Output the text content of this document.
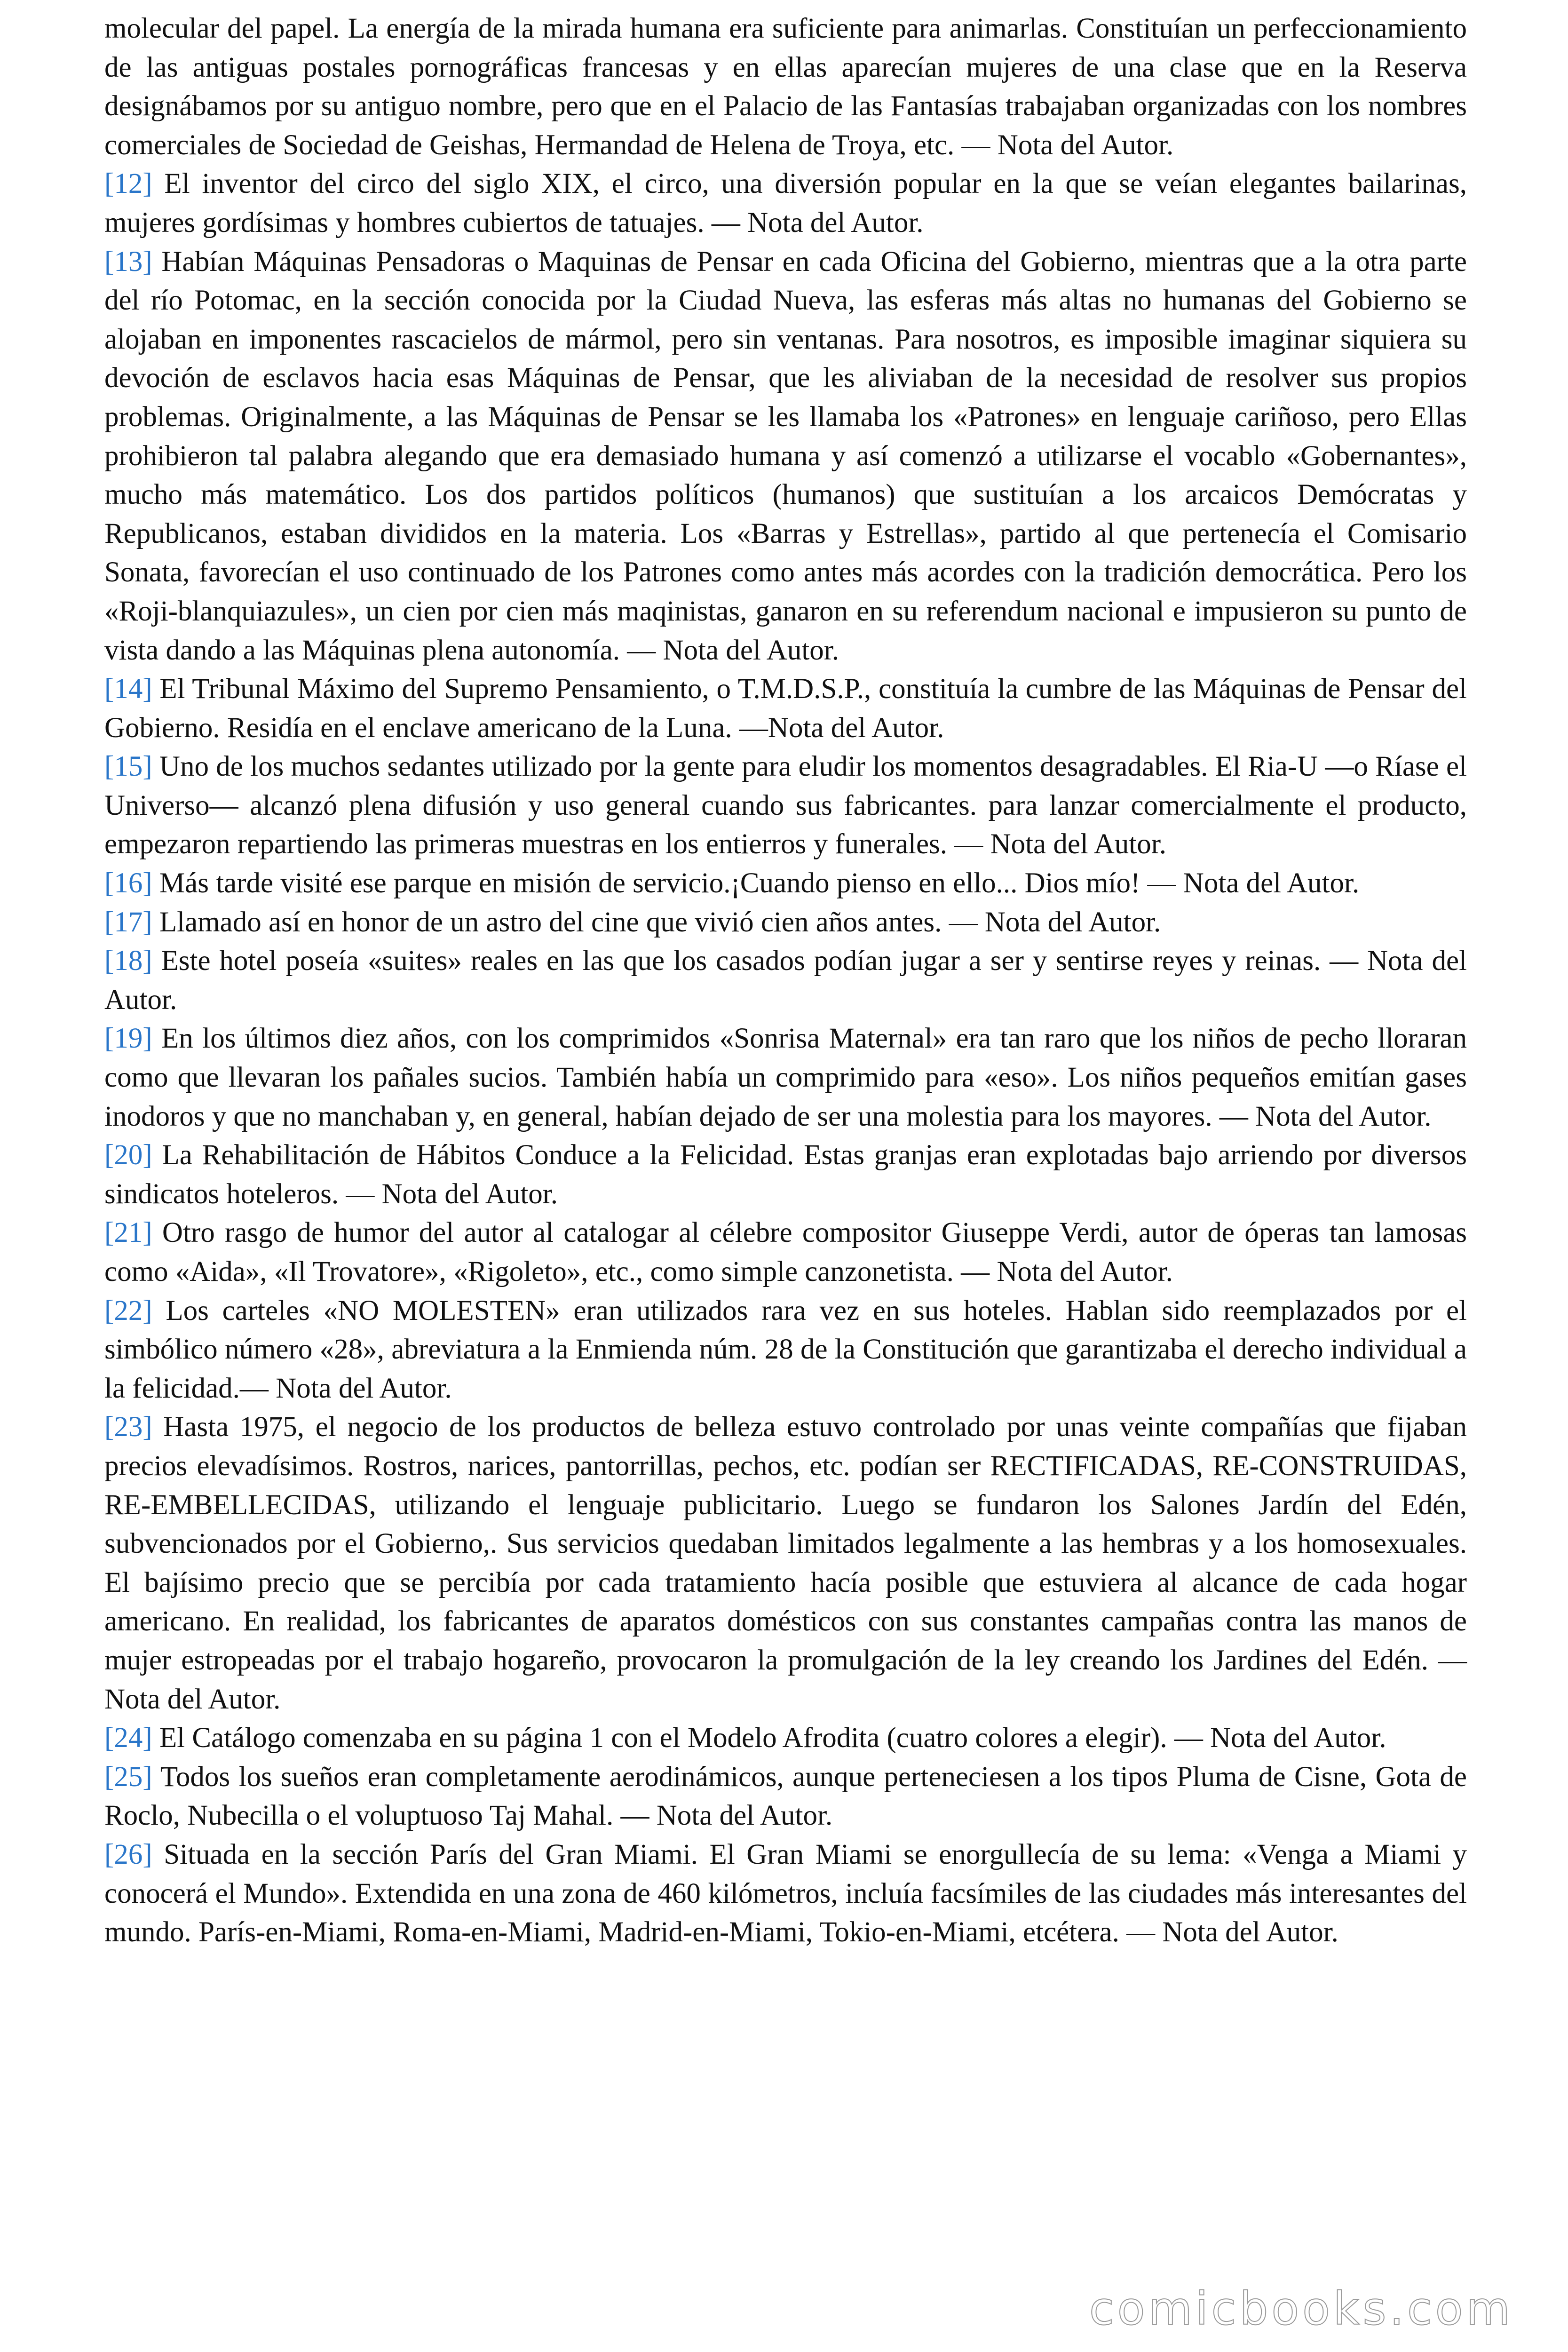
molecular del papel. La energía de la mirada humana era suficiente para animarlas. Constituían un perfeccionamiento de las antiguas postales pornográficas francesas y en ellas aparecían mujeres de una clase que en la Reserva designábamos por su antiguo nombre, pero que en el Palacio de las Fantasías trabajaban organizadas con los nombres comerciales de Sociedad de Geishas, Hermandad de Helena de Troya, etc. — Nota del Autor.

[12] El inventor del circo del siglo XIX, el circo, una diversión popular en la que se veían elegantes bailarinas, mujeres gordísimas y hombres cubiertos de tatuajes. — Nota del Autor.

[13] Habían Máquinas Pensadoras o Maquinas de Pensar en cada Oficina del Gobierno, mientras que a la otra parte del río Potomac, en la sección conocida por la Ciudad Nueva, las esferas más altas no humanas del Gobierno se alojaban en imponentes rascacielos de mármol, pero sin ventanas. Para nosotros, es imposible imaginar siquiera su devoción de esclavos hacia esas Máquinas de Pensar, que les aliviaban de la necesidad de resolver sus propios problemas. Originalmente, a las Máquinas de Pensar se les llamaba los «Patrones» en lenguaje cariñoso, pero Ellas prohibieron tal palabra alegando que era demasiado humana y así comenzó a utilizarse el vocablo «Gobernantes», mucho más matemático. Los dos partidos políticos (humanos) que sustituían a los arcaicos Demócratas y Republicanos, estaban divididos en la materia. Los «Barras y Estrellas», partido al que pertenecía el Comisario Sonata, favorecían el uso continuado de los Patrones como antes más acordes con la tradición democrática. Pero los «Roji-blanquiazules», un cien por cien más maqinistas, ganaron en su referendum nacional e impusieron su punto de vista dando a las Máquinas plena autonomía. — Nota del Autor.

[14] El Tribunal Máximo del Supremo Pensamiento, o T.M.D.S.P., constituía la cumbre de las Máquinas de Pensar del Gobierno. Residía en el enclave americano de la Luna. —Nota del Autor.

[15] Uno de los muchos sedantes utilizado por la gente para eludir los momentos desagradables. El Ria-U —o Ríase el Universo— alcanzó plena difusión y uso general cuando sus fabricantes. para lanzar comercialmente el producto, empezaron repartiendo las primeras muestras en los entierros y funerales. — Nota del Autor.

[16] Más tarde visité ese parque en misión de servicio.¡Cuando pienso en ello... Dios mío! — Nota del Autor.

[17] Llamado así en honor de un astro del cine que vivió cien años antes. — Nota del Autor.

[18] Este hotel poseía «suites» reales en las que los casados podían jugar a ser y sentirse reyes y reinas. — Nota del Autor.

[19] En los últimos diez años, con los comprimidos «Sonrisa Maternal» era tan raro que los niños de pecho lloraran como que llevaran los pañales sucios. También había un comprimido para «eso». Los niños pequeños emitían gases inodoros y que no manchaban y, en general, habían dejado de ser una molestia para los mayores. — Nota del Autor.

[20] La Rehabilitación de Hábitos Conduce a la Felicidad. Estas granjas eran explotadas bajo arriendo por diversos sindicatos hoteleros. — Nota del Autor.

[21] Otro rasgo de humor del autor al catalogar al célebre compositor Giuseppe Verdi, autor de óperas tan lamosas como «Aida», «Il Trovatore», «Rigoleto», etc., como simple canzonetista. — Nota del Autor.

[22] Los carteles «NO MOLESTEN» eran utilizados rara vez en sus hoteles. Hablan sido reemplazados por el simbólico número «28», abreviatura a la Enmienda núm. 28 de la Constitución que garantizaba el derecho individual a la felicidad.— Nota del Autor.

[23] Hasta 1975, el negocio de los productos de belleza estuvo controlado por unas veinte compañías que fijaban precios elevadísimos. Rostros, narices, pantorrillas, pechos, etc. podían ser RECTIFICADAS, RE-CONSTRUIDAS, RE-EMBELLECIDAS, utilizando el lenguaje publicitario. Luego se fundaron los Salones Jardín del Edén, subvencionados por el Gobierno,. Sus servicios quedaban limitados legalmente a las hembras y a los homosexuales. El bajísimo precio que se percibía por cada tratamiento hacía posible que estuviera al alcance de cada hogar americano. En realidad, los fabricantes de aparatos domésticos con sus constantes campañas contra las manos de mujer estropeadas por el trabajo hogareño, provocaron la promulgación de la ley creando los Jardines del Edén. — Nota del Autor.

[24] El Catálogo comenzaba en su página 1 con el Modelo Afrodita (cuatro colores a elegir). — Nota del Autor.

[25] Todos los sueños eran completamente aerodinámicos, aunque perteneciesen a los tipos Pluma de Cisne, Gota de Roclo, Nubecilla o el voluptuoso Taj Mahal. — Nota del Autor.

[26] Situada en la sección París del Gran Miami. El Gran Miami se enorgullecía de su lema: «Venga a Miami y conocerá el Mundo». Extendida en una zona de 460 kilómetros, incluía facsímiles de las ciudades más interesantes del mundo. París-en-Miami, Roma-en-Miami, Madrid-en-Miami, Tokio-en-Miami, etcétera. — Nota del Autor.

comicbooks.com
